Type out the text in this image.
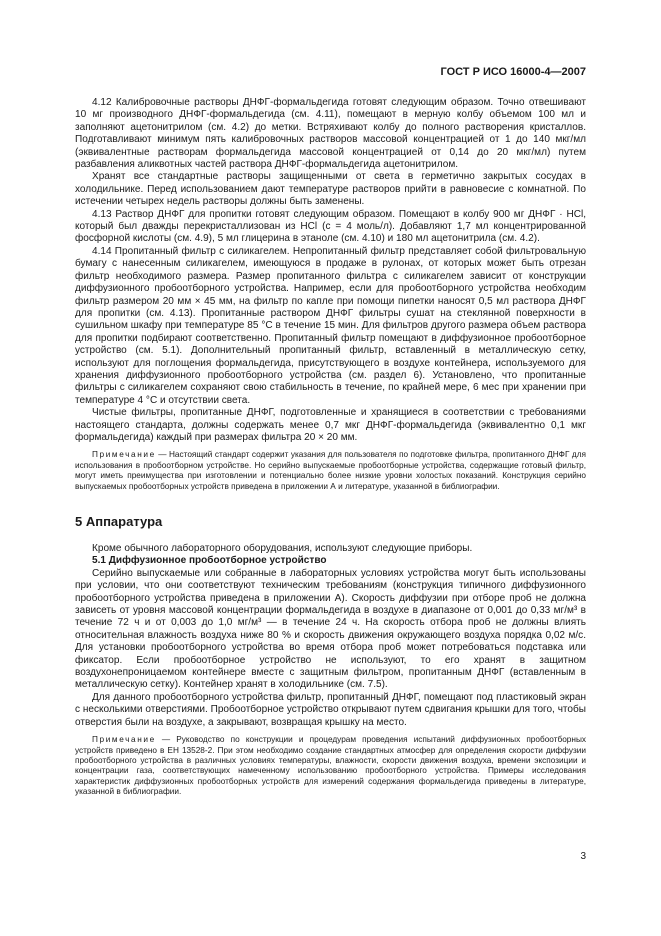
ГОСТ Р ИСО 16000-4—2007

4.12 Калибровочные растворы ДНФГ-формальдегида готовят следующим образом. Точно отвешивают 10 мг производного ДНФГ-формальдегида (см. 4.11), помещают в мерную колбу объемом 100 мл и заполняют ацетонитрилом (см. 4.2) до метки. Встряхивают колбу до полного растворения кристаллов. Подготавливают минимум пять калибровочных растворов массовой концентрацией от 1 до 140 мкг/мл (эквивалентные растворам формальдегида массовой концентрацией от 0,14 до 20 мкг/мл) путем разбавления аликвотных частей раствора ДНФГ-формальдегида ацетонитрилом.

Хранят все стандартные растворы защищенными от света в герметично закрытых сосудах в холодильнике. Перед использованием дают температуре растворов прийти в равновесие с комнатной. По истечении четырех недель растворы должны быть заменены.

4.13 Раствор ДНФГ для пропитки готовят следующим образом. Помещают в колбу 900 мг ДНФГ · HCl, который был дважды перекристаллизован из HCl (c = 4 моль/л). Добавляют 1,7 мл концентрированной фосфорной кислоты (см. 4.9), 5 мл глицерина в этаноле (см. 4.10) и 180 мл ацетонитрила (см. 4.2).

4.14 Пропитанный фильтр с силикагелем. Непропитанный фильтр представляет собой фильтровальную бумагу с нанесенным силикагелем, имеющуюся в продаже в рулонах, от которых может быть отрезан фильтр необходимого размера. Размер пропитанного фильтра с силикагелем зависит от конструкции диффузионного пробоотборного устройства. Например, если для пробоотборного устройства необходим фильтр размером 20 мм × 45 мм, на фильтр по капле при помощи пипетки наносят 0,5 мл раствора ДНФГ для пропитки (см. 4.13). Пропитанные раствором ДНФГ фильтры сушат на стеклянной поверхности в сушильном шкафу при температуре 85 °С в течение 15 мин. Для фильтров другого размера объем раствора для пропитки подбирают соответственно. Пропитанный фильтр помещают в диффузионное пробоотборное устройство (см. 5.1). Дополнительный пропитанный фильтр, вставленный в металлическую сетку, используют для поглощения формальдегида, присутствующего в воздухе контейнера, используемого для хранения диффузионного пробоотборного устройства (см. раздел 6). Установлено, что пропитанные фильтры с силикагелем сохраняют свою стабильность в течение, по крайней мере, 6 мес при хранении при температуре 4 °С и отсутствии света.

Чистые фильтры, пропитанные ДНФГ, подготовленные и хранящиеся в соответствии с требованиями настоящего стандарта, должны содержать менее 0,7 мкг ДНФГ-формальдегида (эквивалентно 0,1 мкг формальдегида) каждый при размерах фильтра 20 × 20 мм.

Примечание — Настоящий стандарт содержит указания для пользователя по подготовке фильтра, пропитанного ДНФГ для использования в пробоотборном устройстве. Но серийно выпускаемые пробоотборные устройства, содержащие готовый фильтр, могут иметь преимущества при изготовлении и потенциально более низкие уровни холостых показаний. Конструкция серийно выпускаемых пробоотборных устройств приведена в приложении А и литературе, указанной в библиографии.
5 Аппаратура

Кроме обычного лабораторного оборудования, используют следующие приборы.

5.1 Диффузионное пробоотборное устройство

Серийно выпускаемые или собранные в лабораторных условиях устройства могут быть использованы при условии, что они соответствуют техническим требованиям (конструкция типичного диффузионного пробоотборного устройства приведена в приложении А). Скорость диффузии при отборе проб не должна зависеть от уровня массовой концентрации формальдегида в воздухе в диапазоне от 0,001 до 0,33 мг/м³ в течение 72 ч и от 0,003 до 1,0 мг/м³ — в течение 24 ч. На скорость отбора проб не должны влиять относительная влажность воздуха ниже 80 % и скорость движения окружающего воздуха порядка 0,02 м/с. Для установки пробоотборного устройства во время отбора проб может потребоваться подставка или фиксатор. Если пробоотборное устройство не используют, то его хранят в защитном воздухонепроницаемом контейнере вместе с защитным фильтром, пропитанным ДНФГ (вставленным в металлическую сетку). Контейнер хранят в холодильнике (см. 7.5).

Для данного пробоотборного устройства фильтр, пропитанный ДНФГ, помещают под пластиковый экран с несколькими отверстиями. Пробоотборное устройство открывают путем сдвигания крышки для того, чтобы отверстия были на воздухе, а закрывают, возвращая крышку на место.

Примечание — Руководство по конструкции и процедурам проведения испытаний диффузионных пробоотборных устройств приведено в ЕН 13528-2. При этом необходимо создание стандартных атмосфер для определения скорости диффузии пробоотборного устройства в различных условиях температуры, влажности, скорости движения воздуха, времени экспозиции и концентрации газа, соответствующих намеченному использованию пробоотборного устройства. Примеры исследования характеристик диффузионных пробоотборных устройств для измерений содержания формальдегида приведены в литературе, указанной в библиографии.
3
